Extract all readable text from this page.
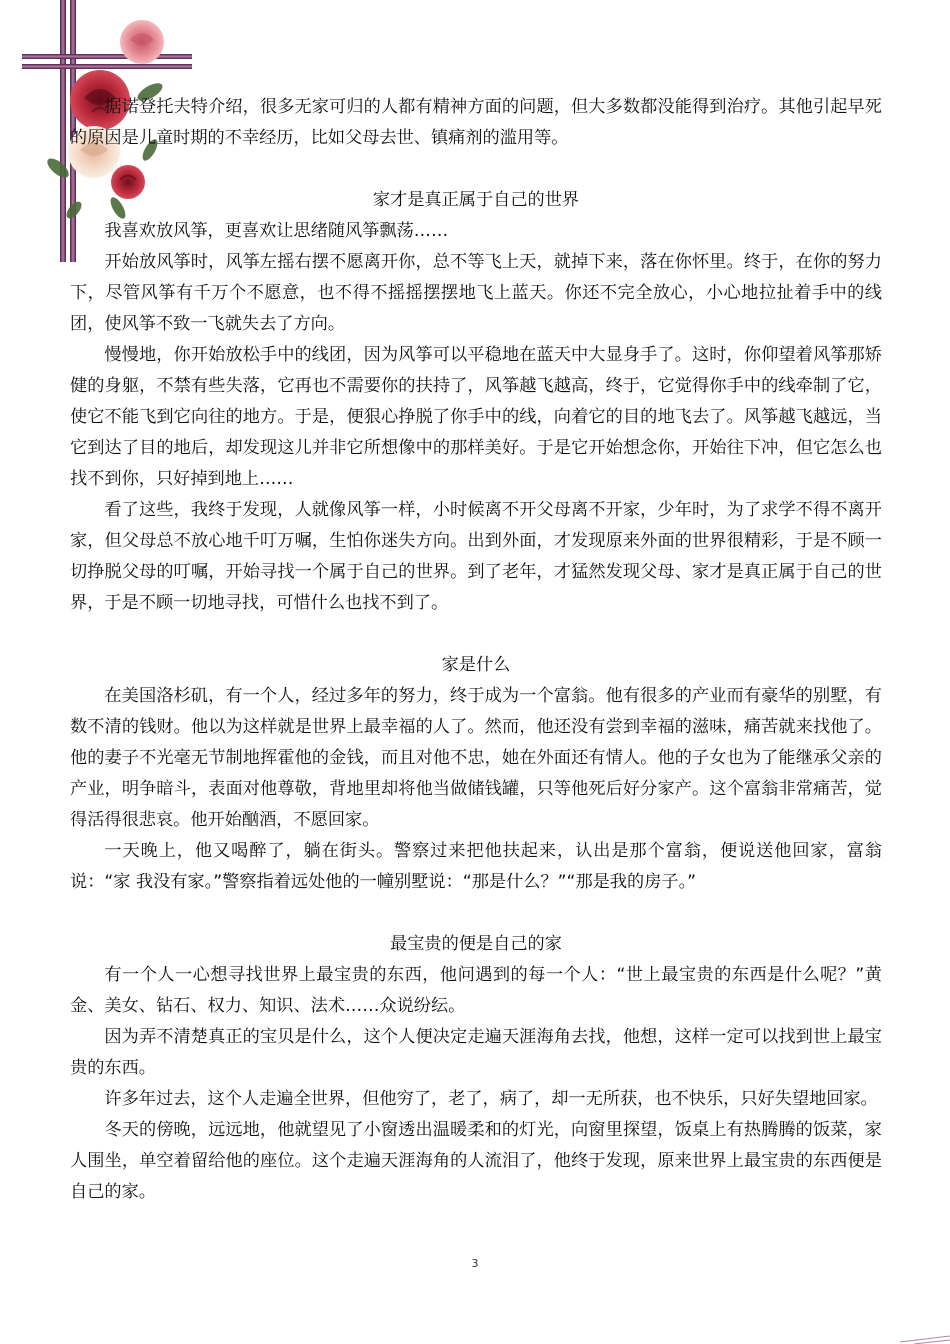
据诺登托夫特介绍，很多无家可归的人都有精神方面的问题，但大多数都没能得到治疗。其他引起早死的原因是儿童时期的不幸经历，比如父母去世、镇痛剂的滥用等。

家才是真正属于自己的世界

我喜欢放风筝，更喜欢让思绪随风筝飘荡……

开始放风筝时，风筝左摇右摆不愿离开你，总不等飞上天，就掉下来，落在你怀里。终于，在你的努力下，尽管风筝有千万个不愿意，也不得不摇摇摆摆地飞上蓝天。你还不完全放心，小心地拉扯着手中的线团，使风筝不致一飞就失去了方向。

慢慢地，你开始放松手中的线团，因为风筝可以平稳地在蓝天中大显身手了。这时，你仰望着风筝那矫健的身躯，不禁有些失落，它再也不需要你的扶持了，风筝越飞越高，终于，它觉得你手中的线牵制了它，使它不能飞到它向往的地方。于是，便狠心挣脱了你手中的线，向着它的目的地飞去了。风筝越飞越远，当它到达了目的地后，却发现这儿并非它所想像中的那样美好。于是它开始想念你，开始往下冲，但它怎么也找不到你，只好掉到地上……

看了这些，我终于发现，人就像风筝一样，小时候离不开父母离不开家，少年时，为了求学不得不离开家，但父母总不放心地千叮万嘱，生怕你迷失方向。出到外面，才发现原来外面的世界很精彩，于是不顾一切挣脱父母的叮嘱，开始寻找一个属于自己的世界。到了老年，才猛然发现父母、家才是真正属于自己的世界，于是不顾一切地寻找，可惜什么也找不到了。

家是什么

在美国洛杉矶，有一个人，经过多年的努力，终于成为一个富翁。他有很多的产业而有豪华的别墅，有数不清的钱财。他以为这样就是世界上最幸福的人了。然而，他还没有尝到幸福的滋味，痛苦就来找他了。他的妻子不光毫无节制地挥霍他的金钱，而且对他不忠，她在外面还有情人。他的子女也为了能继承父亲的产业，明争暗斗，表面对他尊敬，背地里却将他当做储钱罐，只等他死后好分家产。这个富翁非常痛苦，觉得活得很悲哀。他开始酗酒，不愿回家。

一天晚上，他又喝醉了，躺在街头。警察过来把他扶起来，认出是那个富翁，便说送他回家，富翁说：“家 我没有家。”警察指着远处他的一幢别墅说：“那是什么？”“那是我的房子。”

最宝贵的便是自己的家

有一个人一心想寻找世界上最宝贵的东西，他问遇到的每一个人：“世上最宝贵的东西是什么呢？”黄金、美女、钻石、权力、知识、法术……众说纷纭。

因为弄不清楚真正的宝贝是什么，这个人便决定走遍天涯海角去找，他想，这样一定可以找到世上最宝贵的东西。

许多年过去，这个人走遍全世界，但他穷了，老了，病了，却一无所获，也不快乐，只好失望地回家。

冬天的傍晚，远远地，他就望见了小窗透出温暖柔和的灯光，向窗里探望，饭桌上有热腾腾的饭菜，家人围坐，单空着留给他的座位。这个走遍天涯海角的人流泪了，他终于发现，原来世界上最宝贵的东西便是自己的家。

3
